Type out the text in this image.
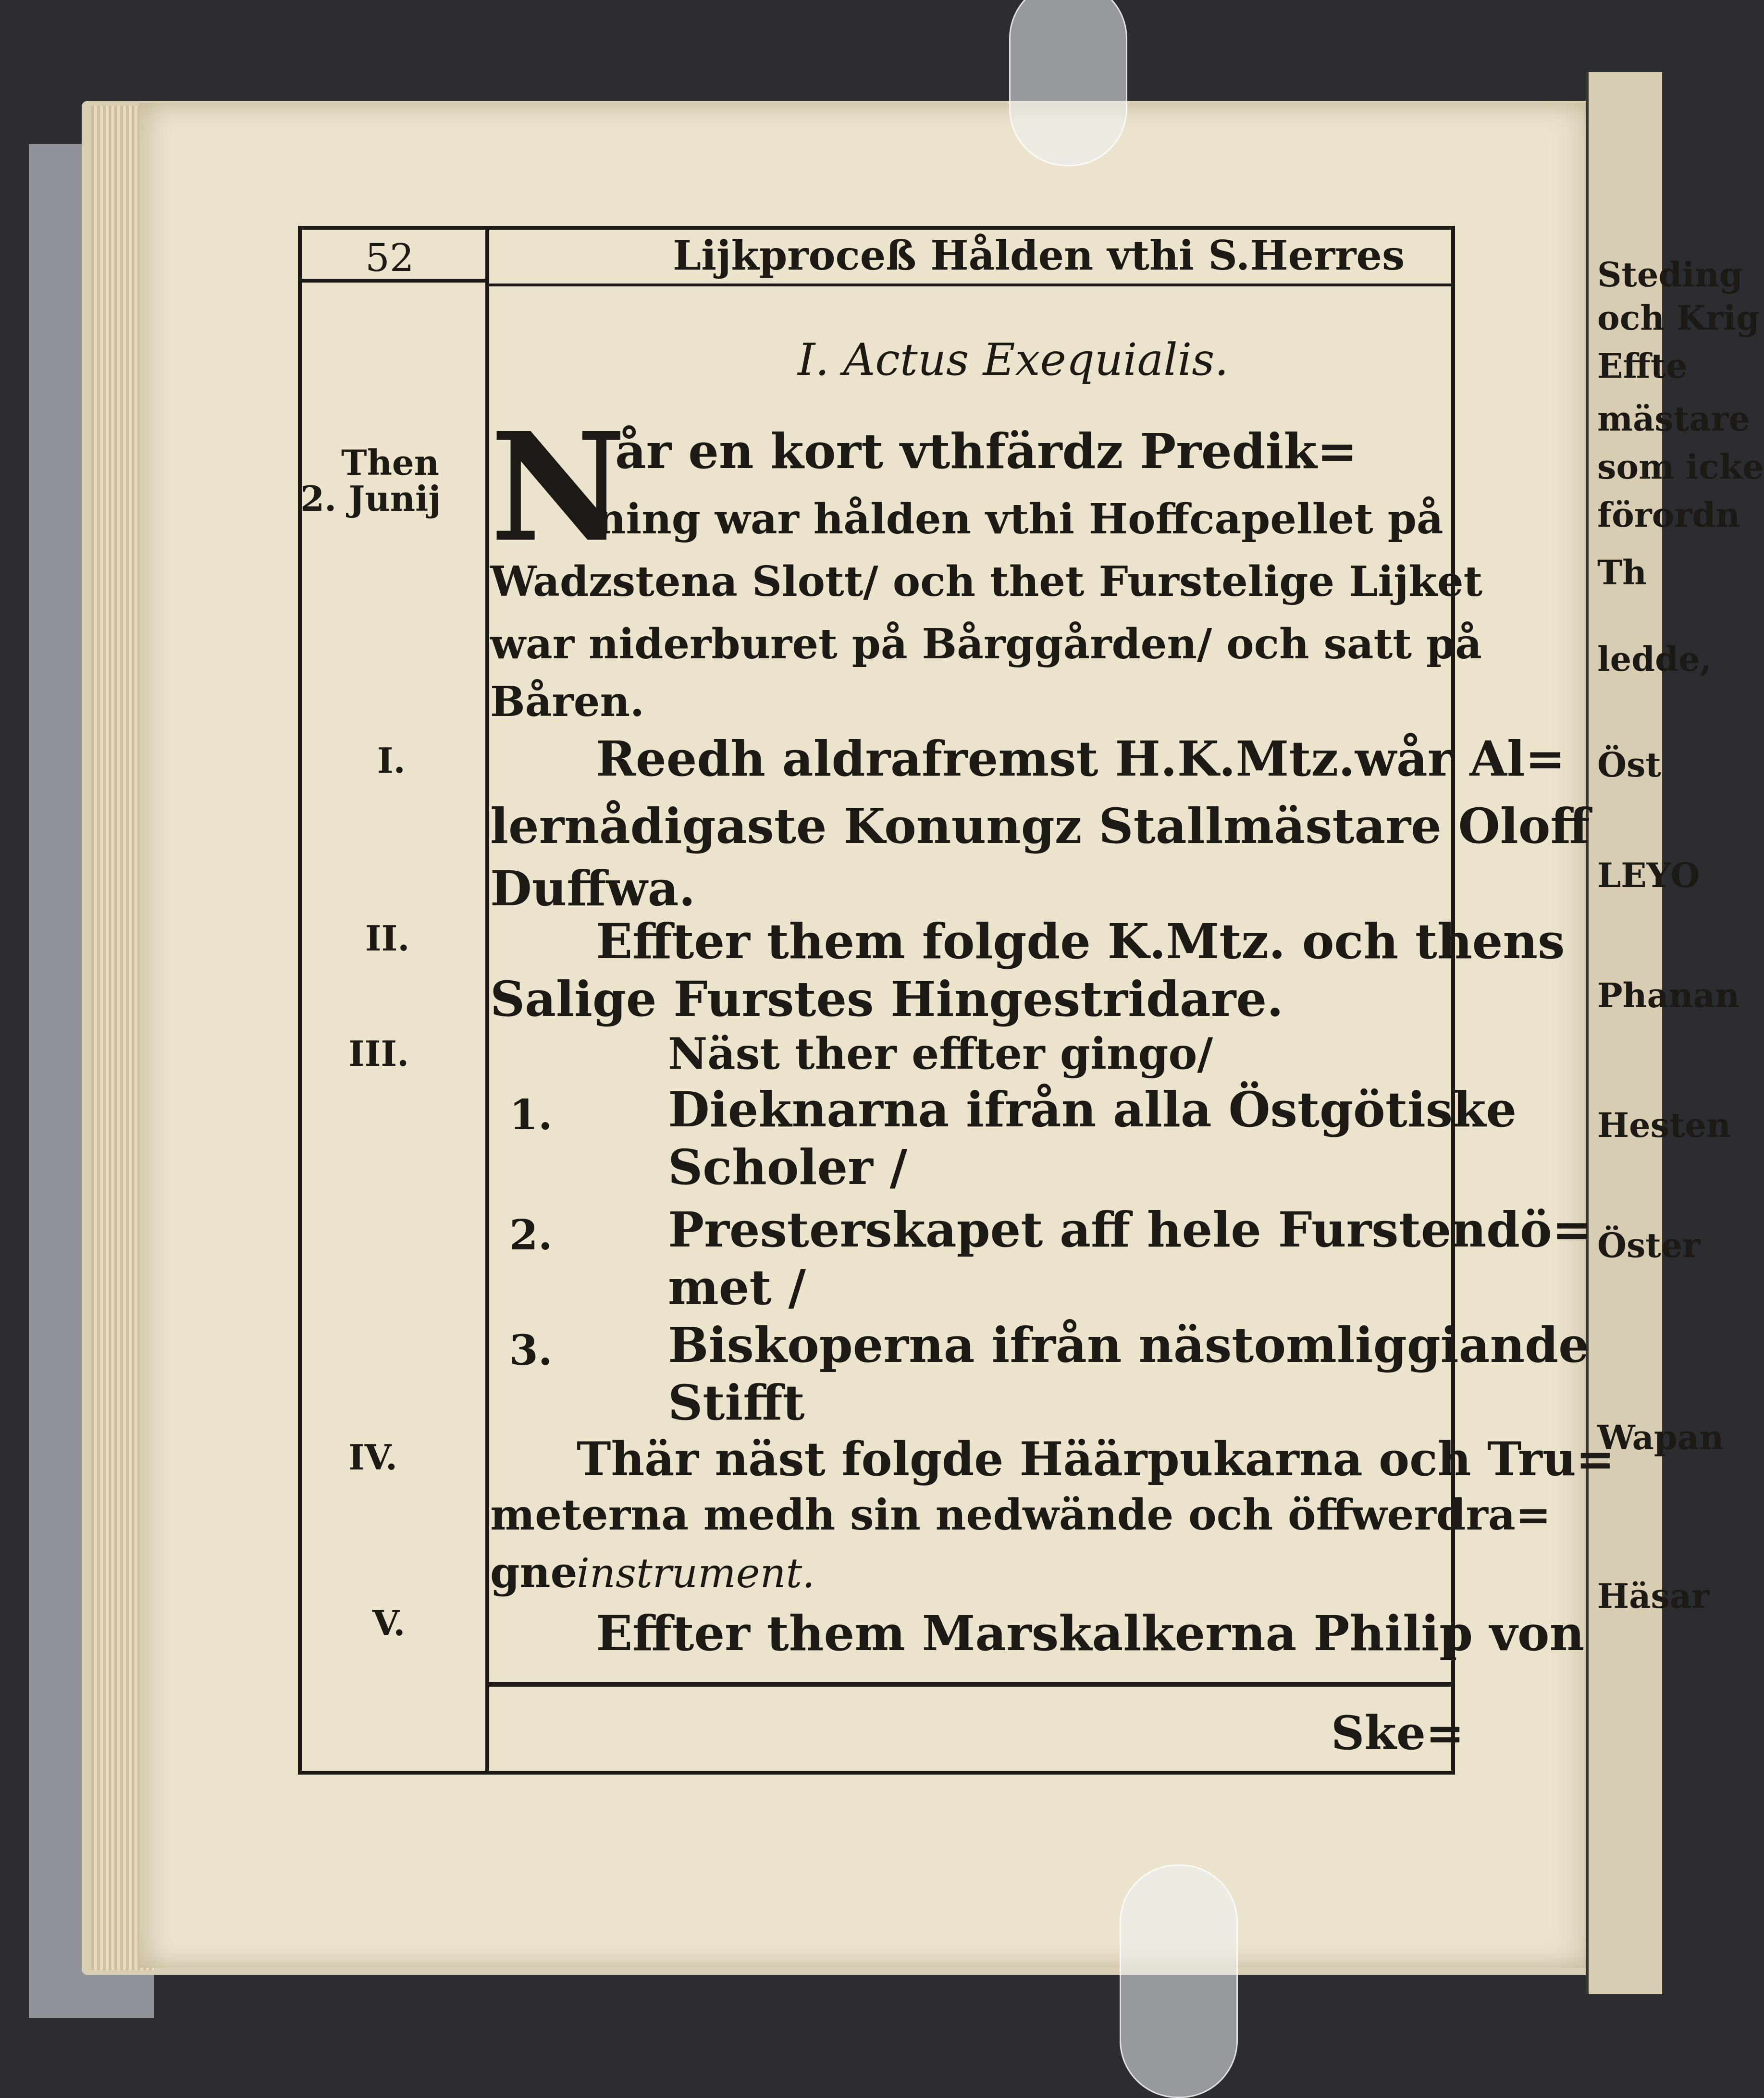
Steding
och Krig
Effte
mästare
som icke
förordn
Th
ledde,
Öst
LEYO
Phanan
Hesten
Öster
Wapan
Häsar
52	Lijkproceß Hålden vthi S.Herres
I. Actus Exequialis.
N
år en kort vthfärdz Predik=
ning war hålden vthi Hoffcapellet på
Wadzstena Slott/ och thet Furstelige Lijket
war niderburet på Bårggården/ och satt på
Båren.
Reedh aldrafremst H.K.Mtz.wår Al=
lernådigaste Konungz Stallmästare Oloff
Duffwa.
Effter them folgde K.Mtz. och thens
Salige Furstes Hingestridare.
Näst ther effter gingo/
1. Dieknarna ifrån alla Östgötiske
Scholer /
2. Presterskapet aff hele Furstendö=
met /
3. Biskoperna ifrån nästomliggiande
Stifft
Thär näst folgde Häärpukarna och Tru=
meterna medh sin nedwände och öffwerdra=
gne
instrument.
Effter them Marskalkerna Philip von
Then
2. Junij
I.
II.
III.
IV.
V.
Ske=
